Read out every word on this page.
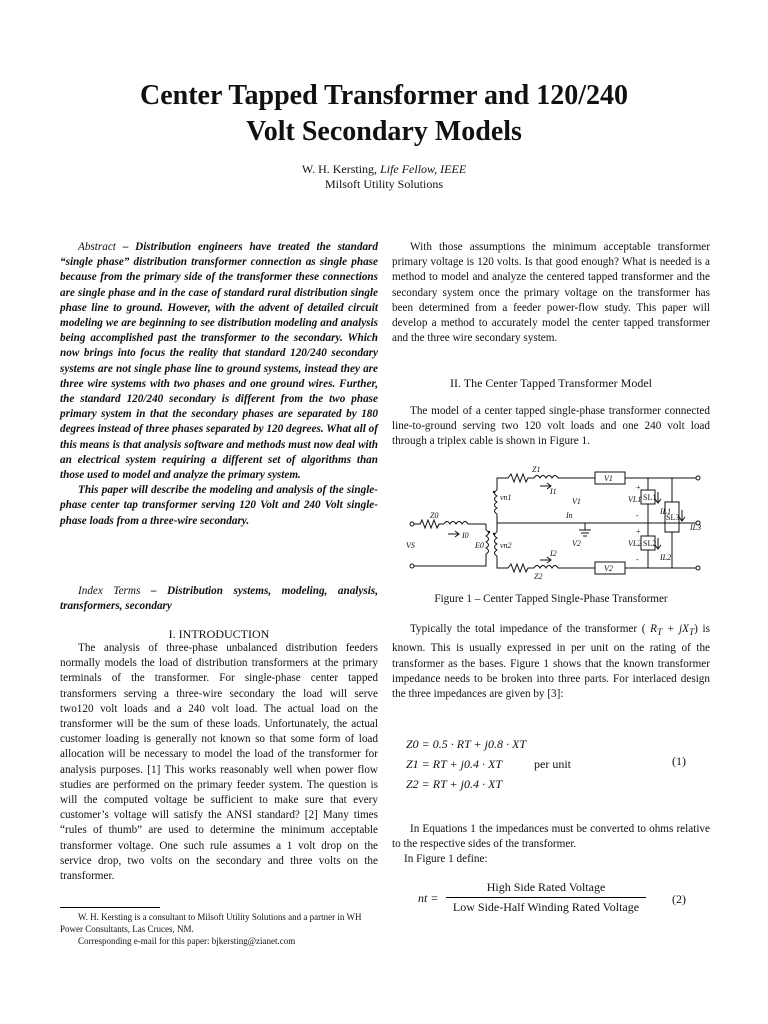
Center Tapped Transformer and 120/240
Volt Secondary Models
W. H. Kersting, Life Fellow, IEEE
Milsoft Utility Solutions

Abstract – Distribution engineers have treated the standard “single phase” distribution transformer connection as single phase because from the primary side of the transformer these connections are single phase and in the case of standard rural distribution single phase line to ground. However, with the advent of detailed circuit modeling we are beginning to see distribution modeling and analysis being accomplished past the transformer to the secondary. Which now brings into focus the reality that standard 120/240 secondary systems are not single phase line to ground systems, instead they are three wire systems with two phases and one ground wires. Further, the standard 120/240 secondary is different from the two phase primary system in that the secondary phases are separated by 180 degrees instead of three phases separated by 120 degrees. What all of this means is that analysis software and methods must now deal with an electrical system requiring a different set of algorithms than those used to model and analyze the primary system.

This paper will describe the modeling and analysis of the single-phase center tap transformer serving 120 Volt and 240 Volt single-phase loads from a three-wire secondary.

Index Terms – Distribution systems, modeling, analysis, transformers, secondary
I. INTRODUCTION

The analysis of three-phase unbalanced distribution feeders normally models the load of distribution transformers at the primary terminals of the transformer. For single-phase center tapped transformers serving a three-wire secondary the load will serve two120 volt loads and a 240 volt load. The actual load on the transformer will be the sum of these loads. Unfortunately, the actual customer loading is generally not known so that some form of load allocation will be necessary to model the load of the transformer for analysis purposes. [1] This works reasonably well when power flow studies are performed on the primary feeder system. The question is will the computed voltage be sufficient to make sure that every customer’s voltage will satisfy the ANSI standard? [2] Many times “rules of thumb” are used to determine the minimum acceptable transformer voltage. One such rule assumes a 1 volt drop on the service drop, two volts on the secondary and three volts on the transformer.

W. H. Kersting is a consultant to Milsoft Utility Solutions and a partner in WH Power Consultants, Las Cruces, NM.

Corresponding e-mail for this paper: bjkersting@zianet.com

With those assumptions the minimum acceptable transformer primary voltage is 120 volts. Is that good enough? What is needed is a method to model and analyze the centered tapped transformer and the secondary system once the primary voltage on the transformer has been determined from a feeder power-flow study. This paper will develop a method to accurately model the center tapped transformer and the three wire secondary system.

II. The Center Tapped Transformer Model

The model of a center tapped single-phase transformer connected line-to-ground serving two 120 volt loads and one 240 volt load through a triplex cable is shown in Figure 1.

Z1
Z0
Z2
VS
I0
E0
vn1
vn2
I1
I2
In
V1
V2
V1
V2
VL1
VL2
SL1
SL2
SL3
IL1
IL2
IL3
+
-
+
-
Figure 1 – Center Tapped Single-Phase Transformer

Typically the total impedance of the transformer ( $R_T + jX_T$) is known. This is usually expressed in per unit on the rating of the transformer as the bases. Figure 1 shows that the known transformer impedance needs to be broken into three parts. For interlaced design the three impedances are given by [3]:

Z0 = 0.5 · RT + j0.8 · XT
Z1 = RT + j0.4 · XT	per unit
Z2 = RT + j0.4 · XT
(1)

In Equations 1 the impedances must be converted to ohms relative to the respective sides of the transformer.

In Figure 1 define:

nt =
High Side Rated Voltage
Low Side-Half Winding Rated Voltage
(2)
